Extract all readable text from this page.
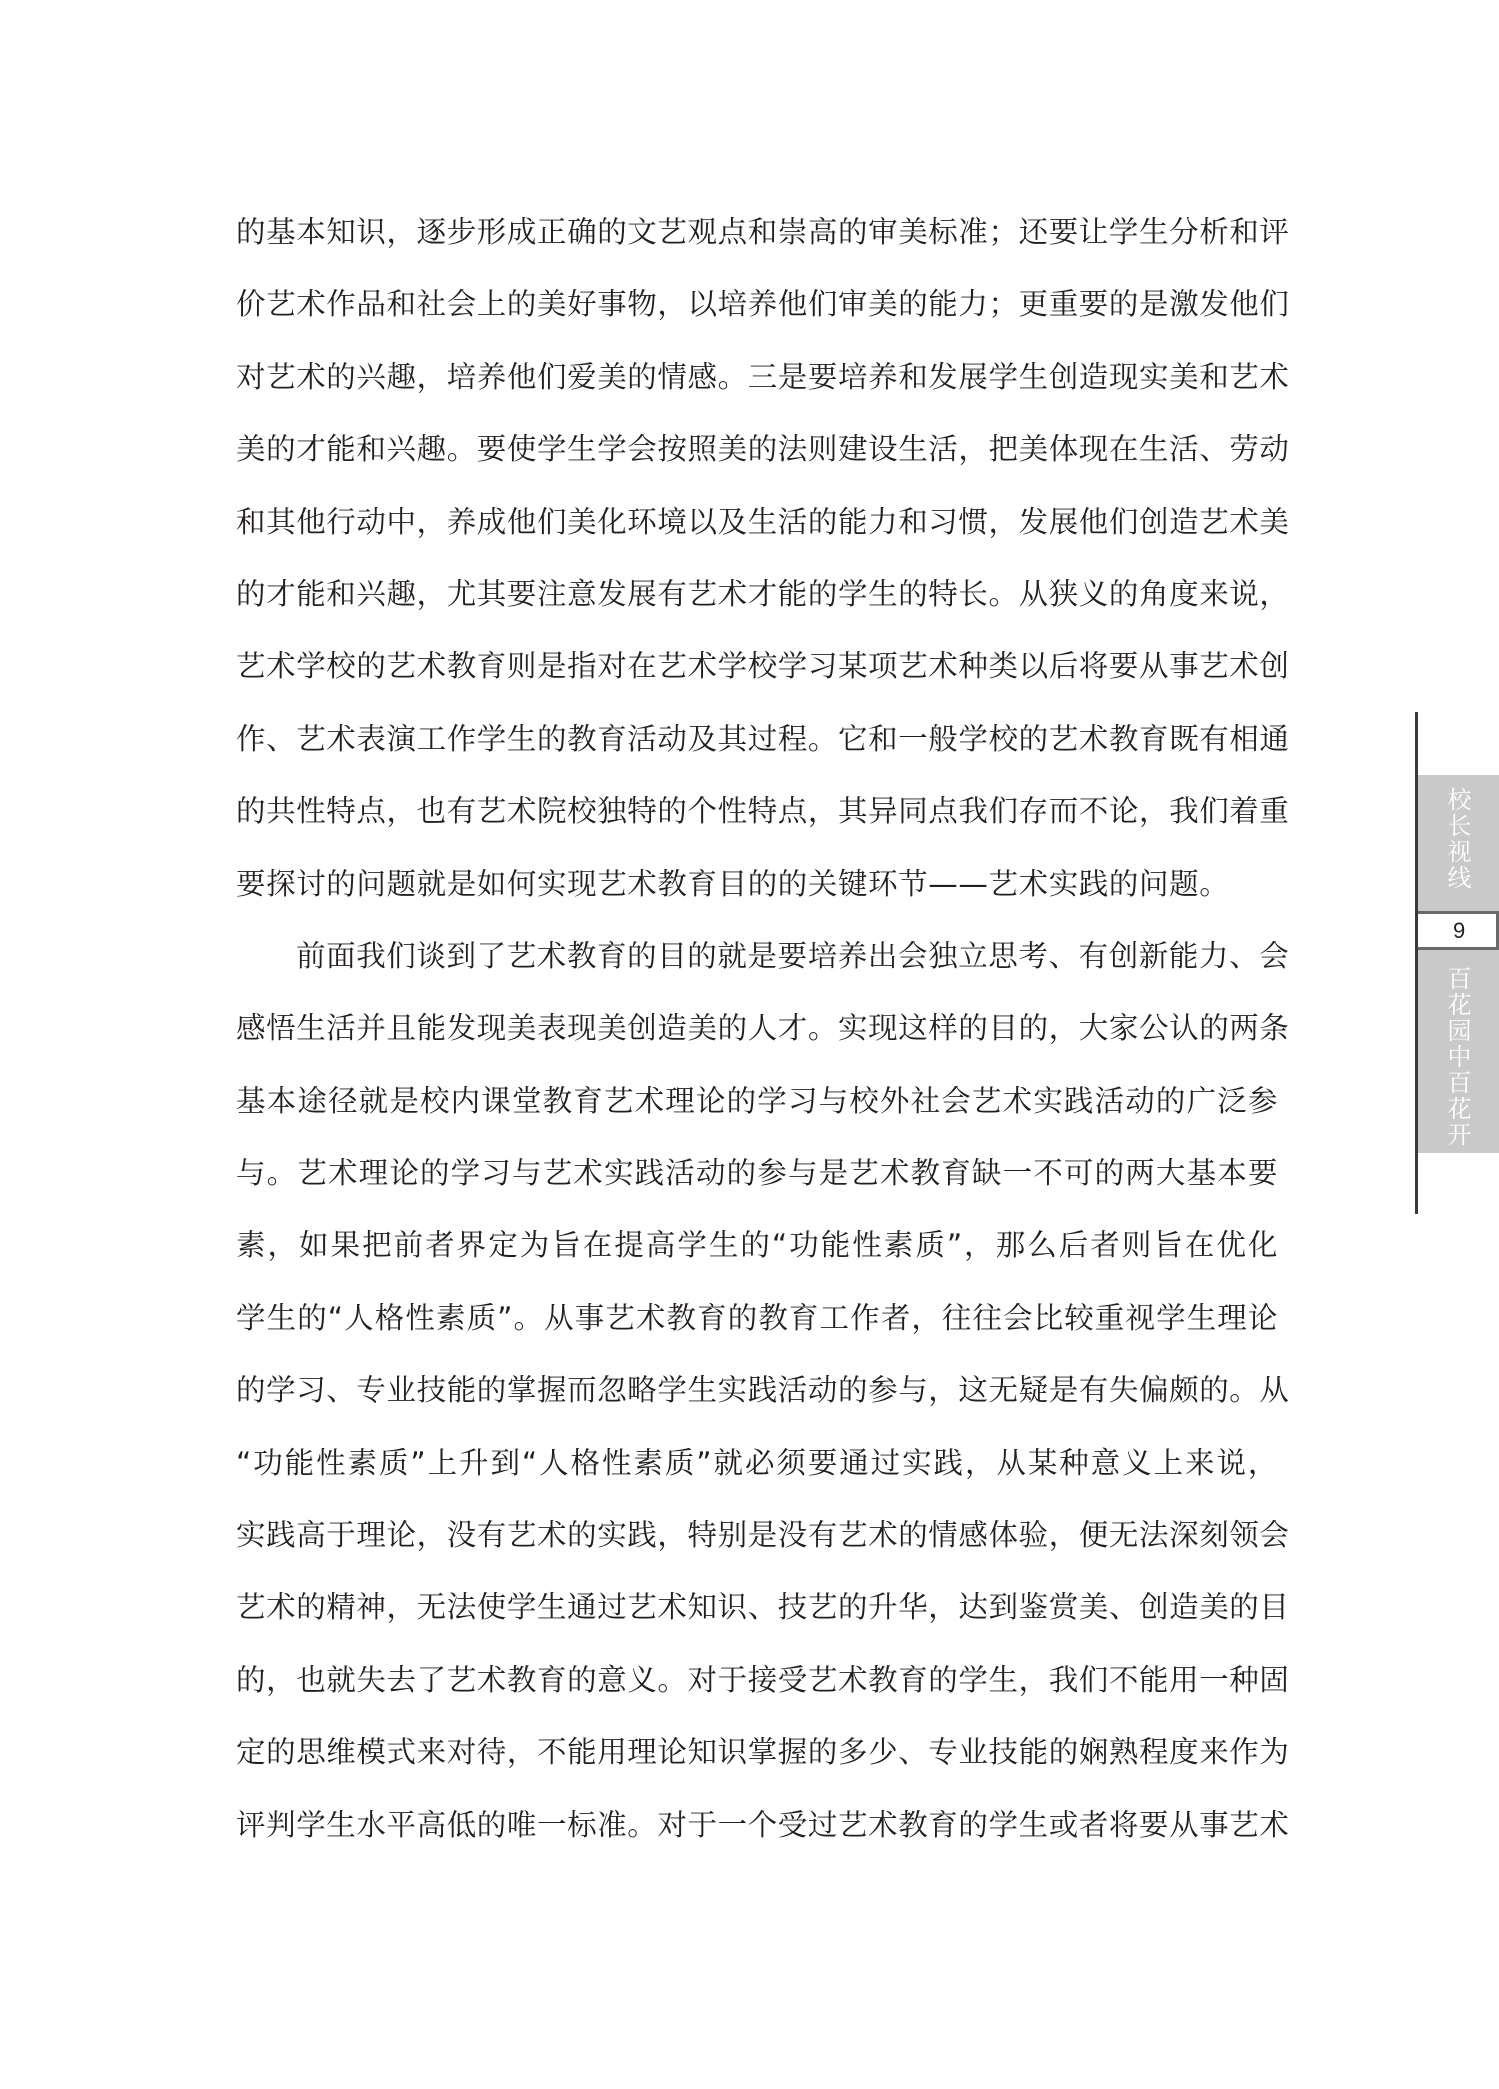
的基本知识，逐步形成正确的文艺观点和崇高的审美标准；还要让学生分析和评
价艺术作品和社会上的美好事物，以培养他们审美的能力；更重要的是激发他们
对艺术的兴趣，培养他们爱美的情感。三是要培养和发展学生创造现实美和艺术
美的才能和兴趣。要使学生学会按照美的法则建设生活，把美体现在生活、劳动
和其他行动中，养成他们美化环境以及生活的能力和习惯，发展他们创造艺术美
的才能和兴趣，尤其要注意发展有艺术才能的学生的特长。从狭义的角度来说，
艺术学校的艺术教育则是指对在艺术学校学习某项艺术种类以后将要从事艺术创
作、艺术表演工作学生的教育活动及其过程。它和一般学校的艺术教育既有相通
的共性特点，也有艺术院校独特的个性特点，其异同点我们存而不论，我们着重
要探讨的问题就是如何实现艺术教育目的的关键环节——艺术实践的问题。
前面我们谈到了艺术教育的目的就是要培养出会独立思考、有创新能力、会
感悟生活并且能发现美表现美创造美的人才。实现这样的目的，大家公认的两条
基本途径就是校内课堂教育艺术理论的学习与校外社会艺术实践活动的广泛参
与。艺术理论的学习与艺术实践活动的参与是艺术教育缺一不可的两大基本要
素，如果把前者界定为旨在提高学生的“功能性素质”，那么后者则旨在优化
学生的“人格性素质”。从事艺术教育的教育工作者，往往会比较重视学生理论
的学习、专业技能的掌握而忽略学生实践活动的参与，这无疑是有失偏颇的。从
“功能性素质”上升到“人格性素质”就必须要通过实践，从某种意义上来说，
实践高于理论，没有艺术的实践，特别是没有艺术的情感体验，便无法深刻领会
艺术的精神，无法使学生通过艺术知识、技艺的升华，达到鉴赏美、创造美的目
的，也就失去了艺术教育的意义。对于接受艺术教育的学生，我们不能用一种固
定的思维模式来对待，不能用理论知识掌握的多少、专业技能的娴熟程度来作为
评判学生水平高低的唯一标准。对于一个受过艺术教育的学生或者将要从事艺术
校长视线
9
百花园中百花开
